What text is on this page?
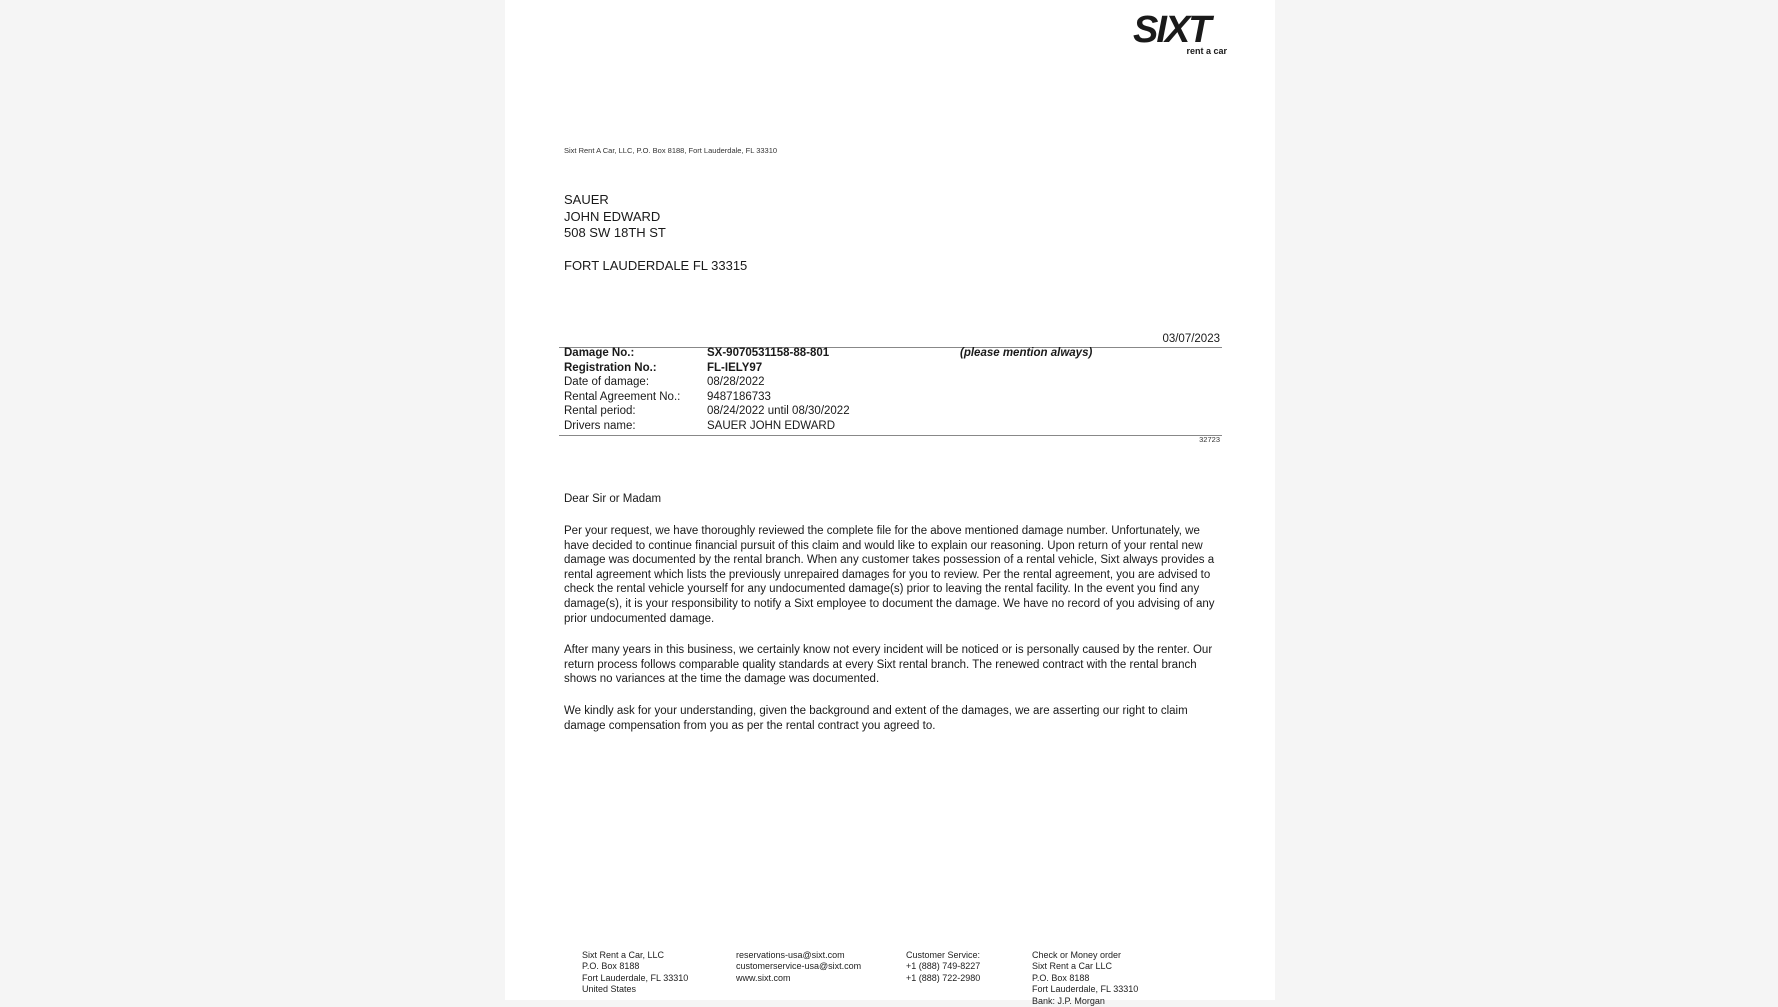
SIXT
rent a car
Sixt Rent A Car, LLC, P.O. Box 8188, Fort Lauderdale, FL 33310
SAUER
JOHN EDWARD
508 SW 18TH ST
FORT LAUDERDALE FL 33315
03/07/2023
Damage No.:	SX-9070531158-88-801	(please mention always)
Registration No.:	FL-IELY97	
Date of damage:	08/28/2022	
Rental Agreement No.:	9487186733	
Rental period:	08/24/2022 until 08/30/2022	
Drivers name:	SAUER JOHN EDWARD	
32723
Dear Sir or Madam
Per your request, we have thoroughly reviewed the complete file for the above mentioned damage number. Unfortunately, we have decided to continue financial pursuit of this claim and would like to explain our reasoning. Upon return of your rental new damage was documented by the rental branch. When any customer takes possession of a rental vehicle, Sixt always provides a rental agreement which lists the previously unrepaired damages for you to review. Per the rental agreement, you are advised to check the rental vehicle yourself for any undocumented damage(s) prior to leaving the rental facility. In the event you find any damage(s), it is your responsibility to notify a Sixt employee to document the damage. We have no record of you advising of any prior undocumented damage.
After many years in this business, we certainly know not every incident will be noticed or is personally caused by the renter. Our return process follows comparable quality standards at every Sixt rental branch. The renewed contract with the rental branch shows no variances at the time the damage was documented.
We kindly ask for your understanding, given the background and extent of the damages, we are asserting our right to claim damage compensation from you as per the rental contract you agreed to.
Sixt Rent a Car, LLC
P.O. Box 8188
Fort Lauderdale, FL 33310
United States
reservations-usa@sixt.com
customerservice-usa@sixt.com
www.sixt.com
Customer Service:
+1 (888) 749-8227
+1 (888) 722-2980
Check or Money order
Sixt Rent a Car LLC
P.O. Box 8188
Fort Lauderdale, FL 33310
Bank: J.P. Morgan
